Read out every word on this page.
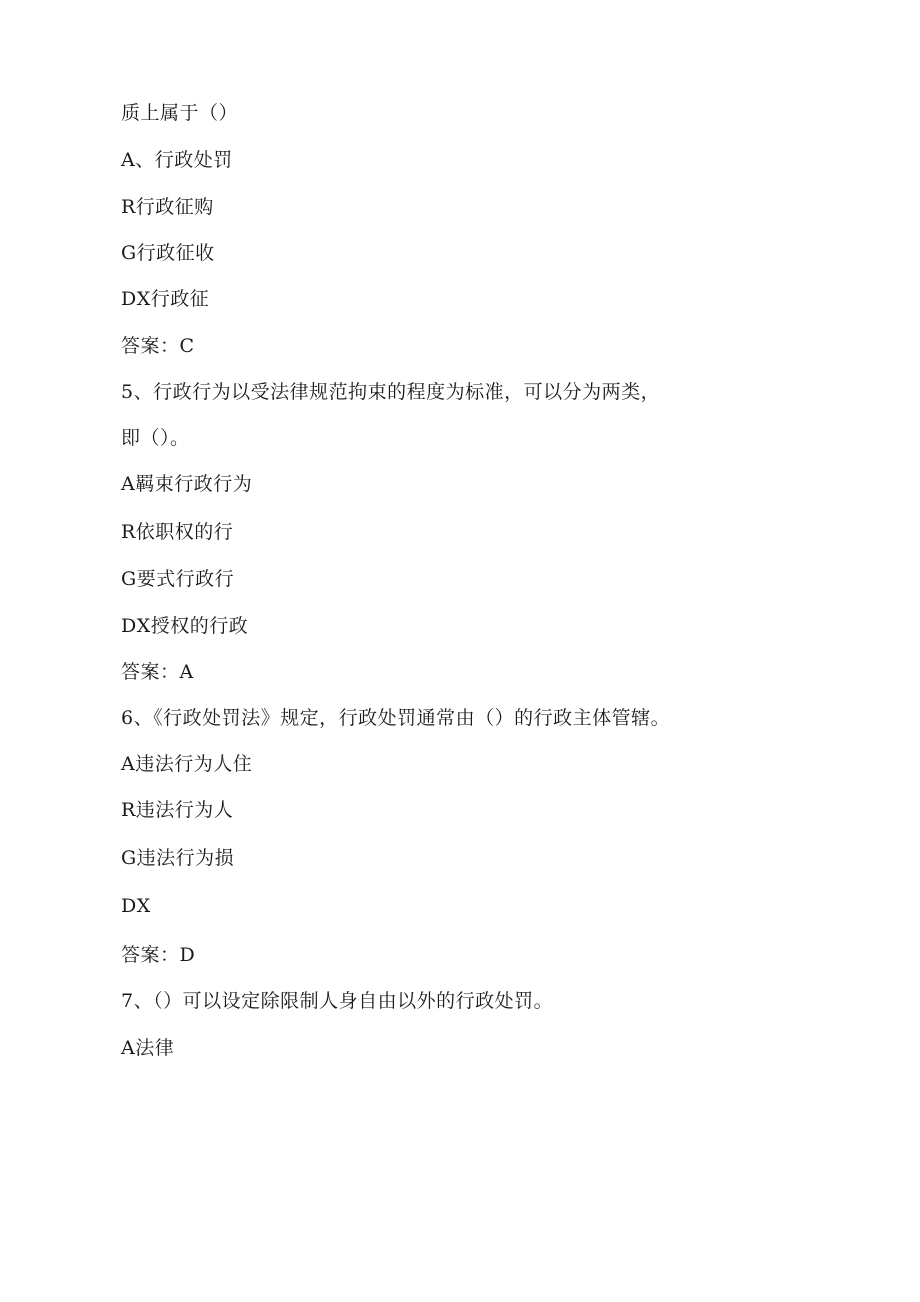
质上属于（）
A、行政处罚
R行政征购
G行政征收
DX行政征
答案：C
5、行政行为以受法律规范拘束的程度为标准，可以分为两类，
即（）。
A羁束行政行为
R依职权的行
G要式行政行
DX授权的行政
答案：A
6、《行政处罚法》规定，行政处罚通常由（）的行政主体管辖。
A违法行为人住
R违法行为人
G违法行为损
DX
答案：D
7、（）可以设定除限制人身自由以外的行政处罚。
A法律
